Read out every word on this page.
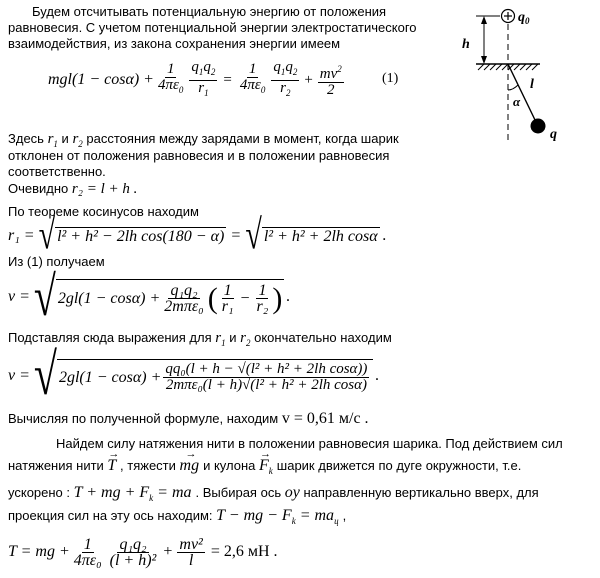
Будем отсчитывать потенциальную энергию от положения
равновесия. С учетом потенциальной энергии электростатического
взаимодействия, из закона сохранения энергии имеем
$mgl(1 - \cos\alpha) + \frac{1}{4\pi\varepsilon_0} \frac{q_1q_2}{r_1} = \frac{1}{4\pi\varepsilon_0} \frac{q_1q_2}{r_2} + \frac{mv^2}{2}$	(1)
$q_0$
h
l
α
q
Здесь $r_1$ и $r_2$ расстояния между зарядами в момент, когда шарик
отклонен от положения равновесия и в положении равновесия
соответственно.
Очевидно r₂ = l + h .
По теореме косинусов находим
r₁ = √ l² + h² − 2lh cos(180 − α) = √ l² + h² + 2lh cosα .
Из (1) получаем
v = √ $2gl(1 - \cos\alpha) + \frac{\text{q₁q₂}}{\text{2mπε₀}}$ ( $\frac{1}{\text{r₁}} - \frac{1}{\text{r₂}}$ ) .
Подставляя сюда выражения для $r_1$ и $r_2$ окончательно находим
v = √ $2gl(1 - \cos\alpha) + \frac{\text{qq₀(l + h − √(l² + h² + 2lh cosα))}}{\text{2mπε₀(l + h)√(l² + h² + 2lh cosα)}}$ .
Вычисляя по полученной формуле, находим v = 0,61 м/с .
Найдем силу натяжения нити в положении равновесия шарика. Под действием сил
натяжения нити
→
T , тяжести
→
mg и кулона
→
$F_k$ шарик движется по дуге окружности, т.е.
ускорено : T + mg + $F_k$ = ma . Выбирая ось oy направленную вертикально вверх, для
проекция сил на эту ось находим: T − mg − $F_k = ma_ц$ ,
T = mg + $\frac{1}{\text{4πε₀}} \frac{\text{q₁q₂}}{\text{(l + h)²}} + \frac{\text{mv²}}{l} = 2,6$ мН .
